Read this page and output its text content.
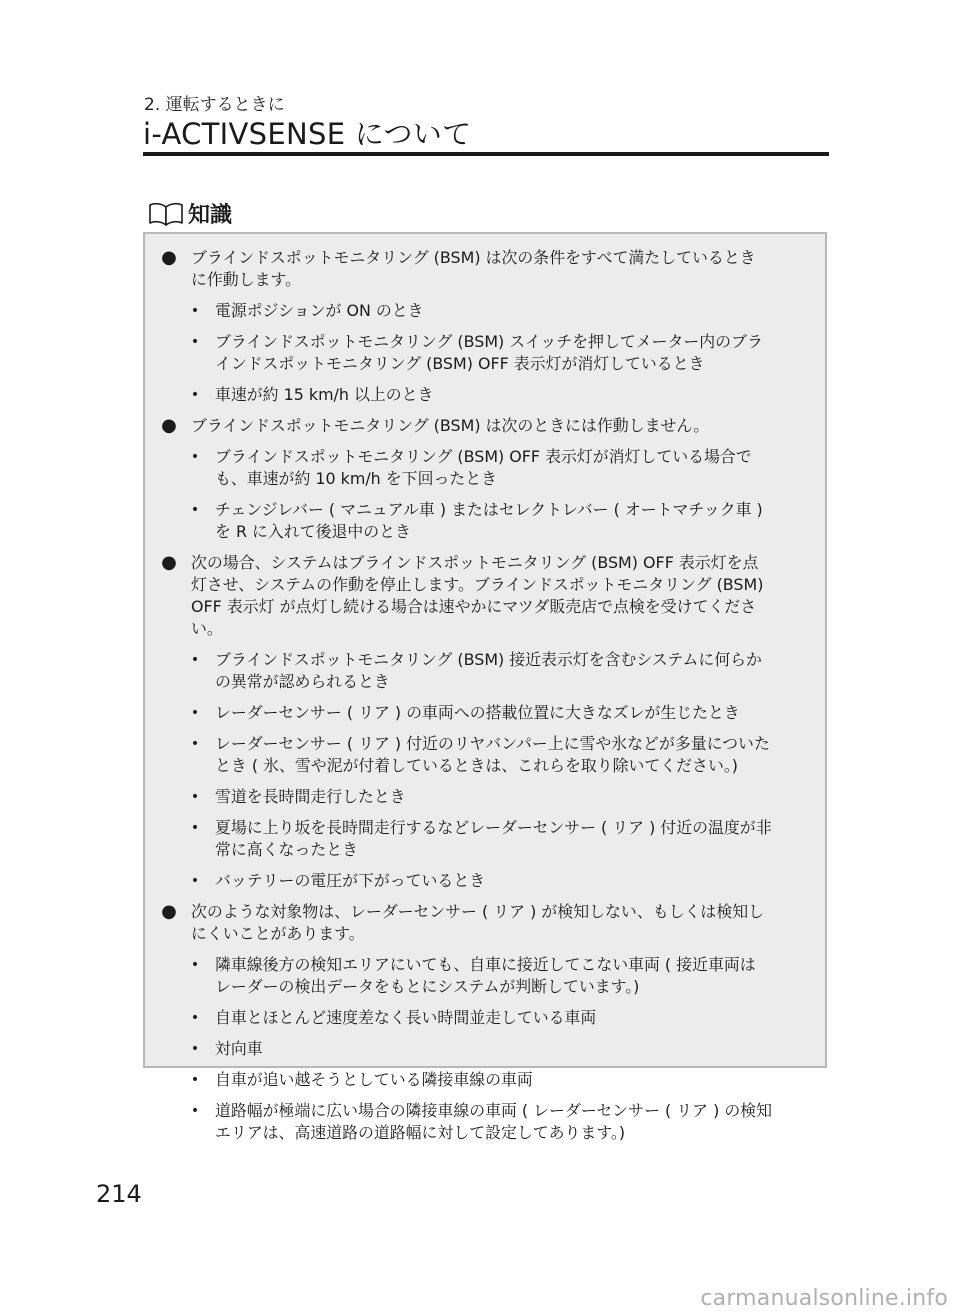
2. 運転するときに
i-ACTIVSENSE について
知識
● ブラインドスポットモニタリング (BSM) は次の条件をすべて満たしているとき
に作動します。
• 電源ポジションが ON のとき
• ブラインドスポットモニタリング (BSM) スイッチを押してメーター内のブラ
インドスポットモニタリング (BSM) OFF 表示灯が消灯しているとき
• 車速が約 15 km/h 以上のとき
● ブラインドスポットモニタリング (BSM) は次のときには作動しません。
• ブラインドスポットモニタリング (BSM) OFF 表示灯が消灯している場合で
も、車速が約 10 km/h を下回ったとき
• チェンジレバー ( マニュアル車 ) またはセレクトレバー ( オートマチック車 )
を R に入れて後退中のとき
● 次の場合、システムはブラインドスポットモニタリング (BSM) OFF 表示灯を点
灯させ、システムの作動を停止します。ブラインドスポットモニタリング (BSM)
OFF 表示灯 が点灯し続ける場合は速やかにマツダ販売店で点検を受けてくださ
い。
• ブラインドスポットモニタリング (BSM) 接近表示灯を含むシステムに何らか
の異常が認められるとき
• レーダーセンサー ( リア ) の車両への搭載位置に大きなズレが生じたとき
• レーダーセンサー ( リア ) 付近のリヤバンパー上に雪や氷などが多量についた
とき ( 氷、雪や泥が付着しているときは、これらを取り除いてください。)
• 雪道を長時間走行したとき
• 夏場に上り坂を長時間走行するなどレーダーセンサー ( リア ) 付近の温度が非
常に高くなったとき
• バッテリーの電圧が下がっているとき
● 次のような対象物は、レーダーセンサー ( リア ) が検知しない、もしくは検知し
にくいことがあります。
• 隣車線後方の検知エリアにいても、自車に接近してこない車両 ( 接近車両は
レーダーの検出データをもとにシステムが判断しています。)
• 自車とほとんど速度差なく長い時間並走している車両
• 対向車
• 自車が追い越そうとしている隣接車線の車両
• 道路幅が極端に広い場合の隣接車線の車両 ( レーダーセンサー ( リア ) の検知
エリアは、高速道路の道路幅に対して設定してあります。)
214
carmanualsonline.info
